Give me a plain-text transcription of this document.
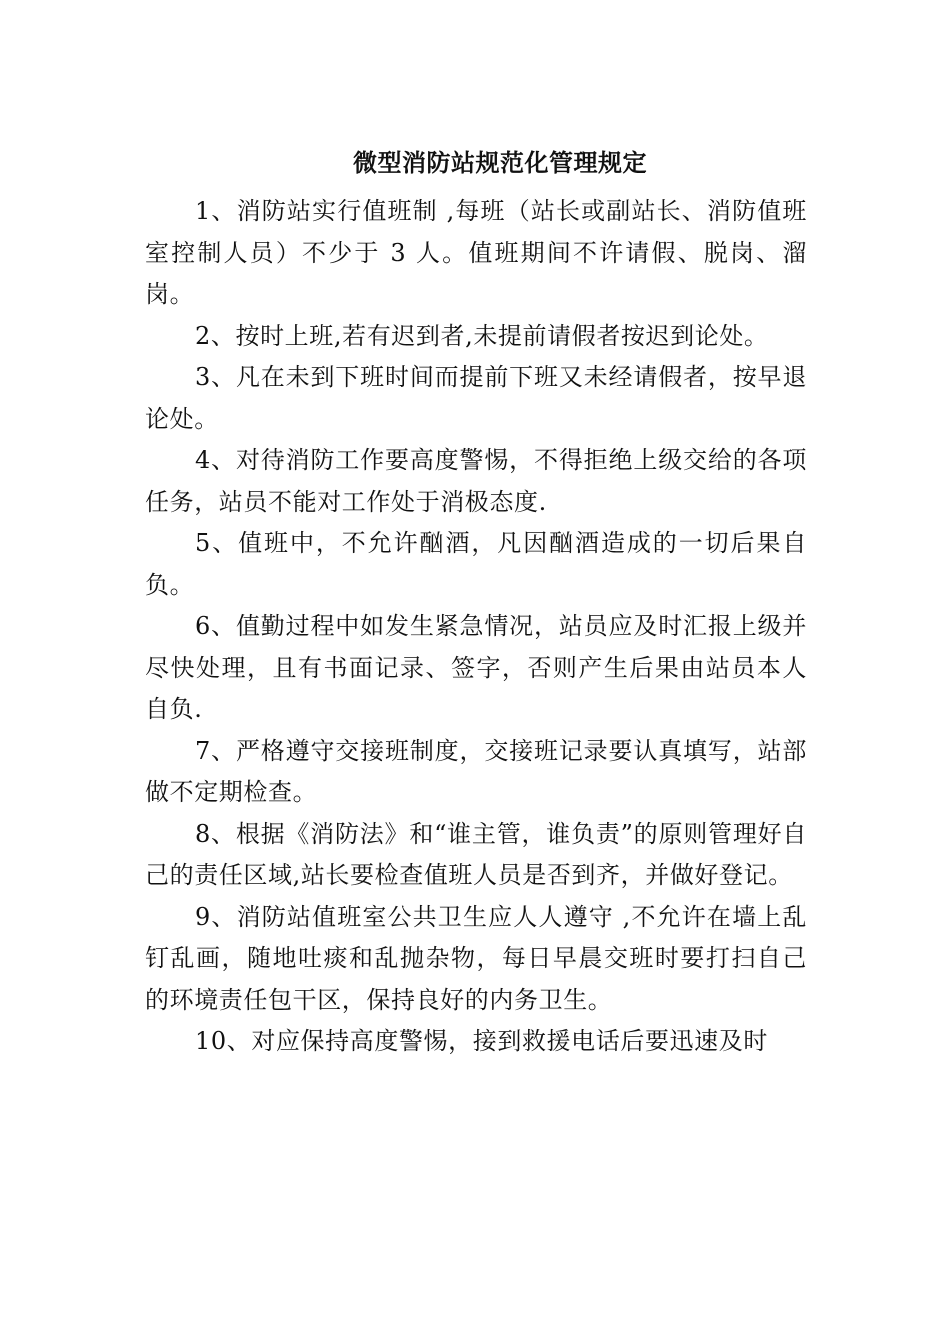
微型消防站规范化管理规定

1、消防站实行值班制 ,每班（站长或副站长、消防值班室控制人员）不少于 3 人。值班期间不许请假、脱岗、溜岗。

2、按时上班,若有迟到者,未提前请假者按迟到论处。

3、凡在未到下班时间而提前下班又未经请假者，按早退论处。

4、对待消防工作要高度警惕，不得拒绝上级交给的各项任务，站员不能对工作处于消极态度.

5、值班中，不允许酗酒，凡因酗酒造成的一切后果自负。

6、值勤过程中如发生紧急情况，站员应及时汇报上级并尽快处理，且有书面记录、签字，否则产生后果由站员本人自负.

7、严格遵守交接班制度，交接班记录要认真填写，站部做不定期检查。

8、根据《消防法》和“谁主管，谁负责”的原则管理好自己的责任区域,站长要检查值班人员是否到齐，并做好登记。

9、消防站值班室公共卫生应人人遵守 ,不允许在墙上乱钉乱画，随地吐痰和乱抛杂物，每日早晨交班时要打扫自己的环境责任包干区，保持良好的内务卫生。

10、对应保持高度警惕，接到救援电话后要迅速及时
